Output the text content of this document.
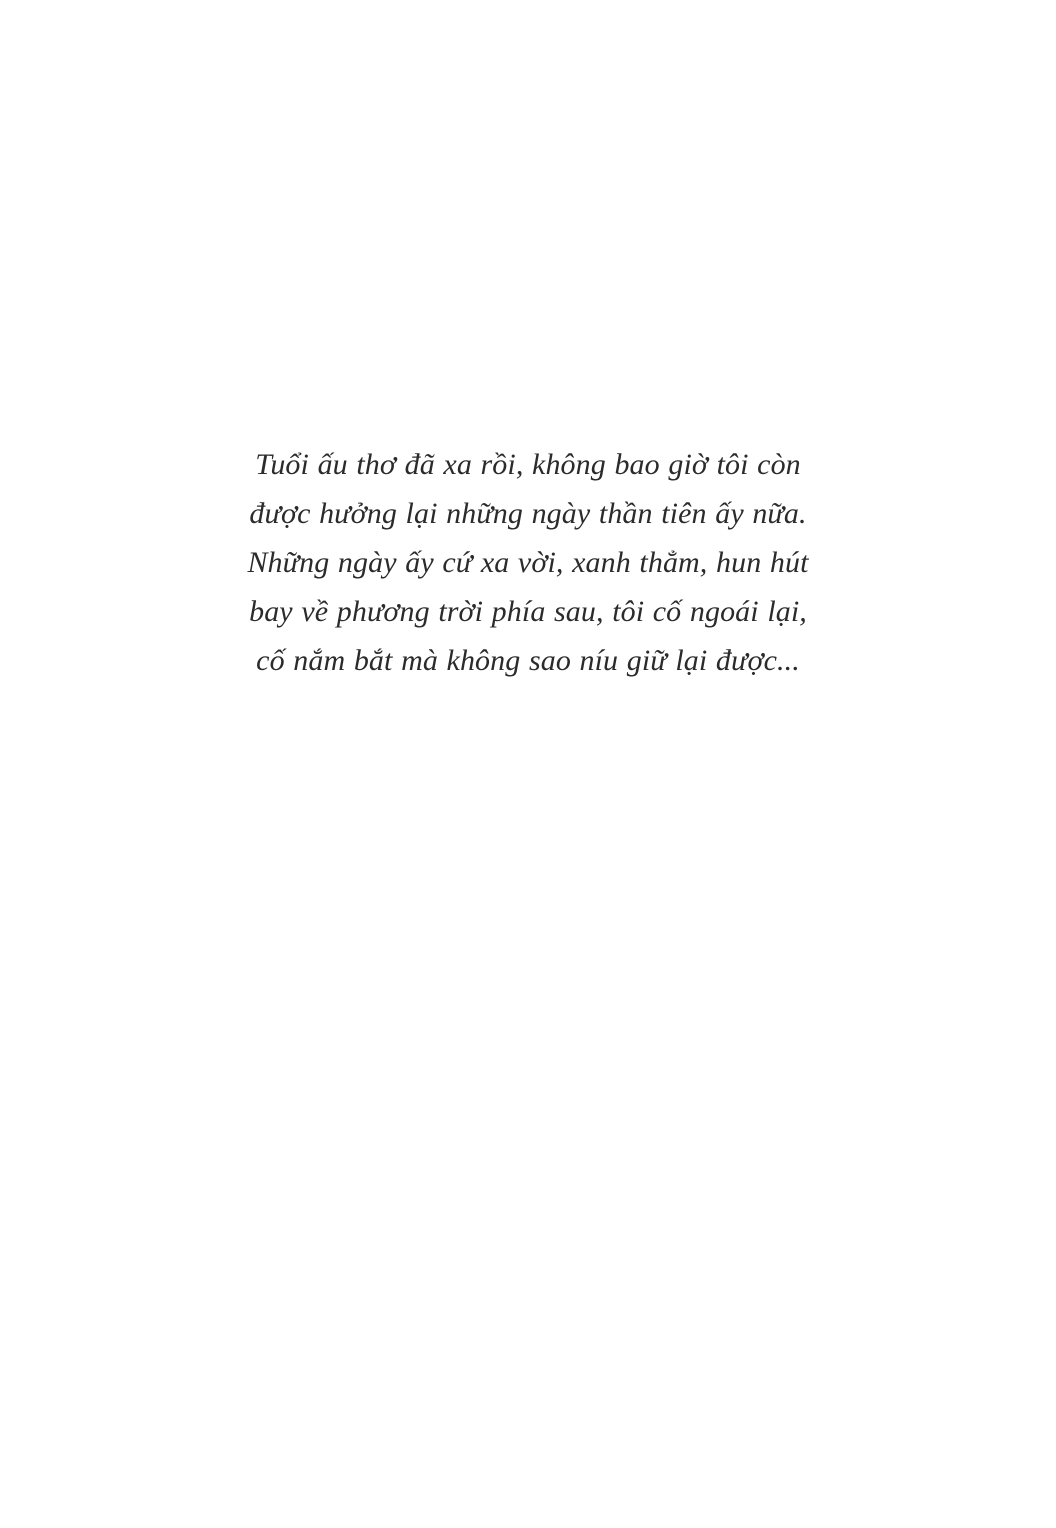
Tuổi ấu thơ đã xa rồi, không bao giờ tôi còn
được hưởng lại những ngày thần tiên ấy nữa.
Những ngày ấy cứ xa vời, xanh thẳm, hun hút
bay về phương trời phía sau, tôi cố ngoái lại,
cố nắm bắt mà không sao níu giữ lại được...
